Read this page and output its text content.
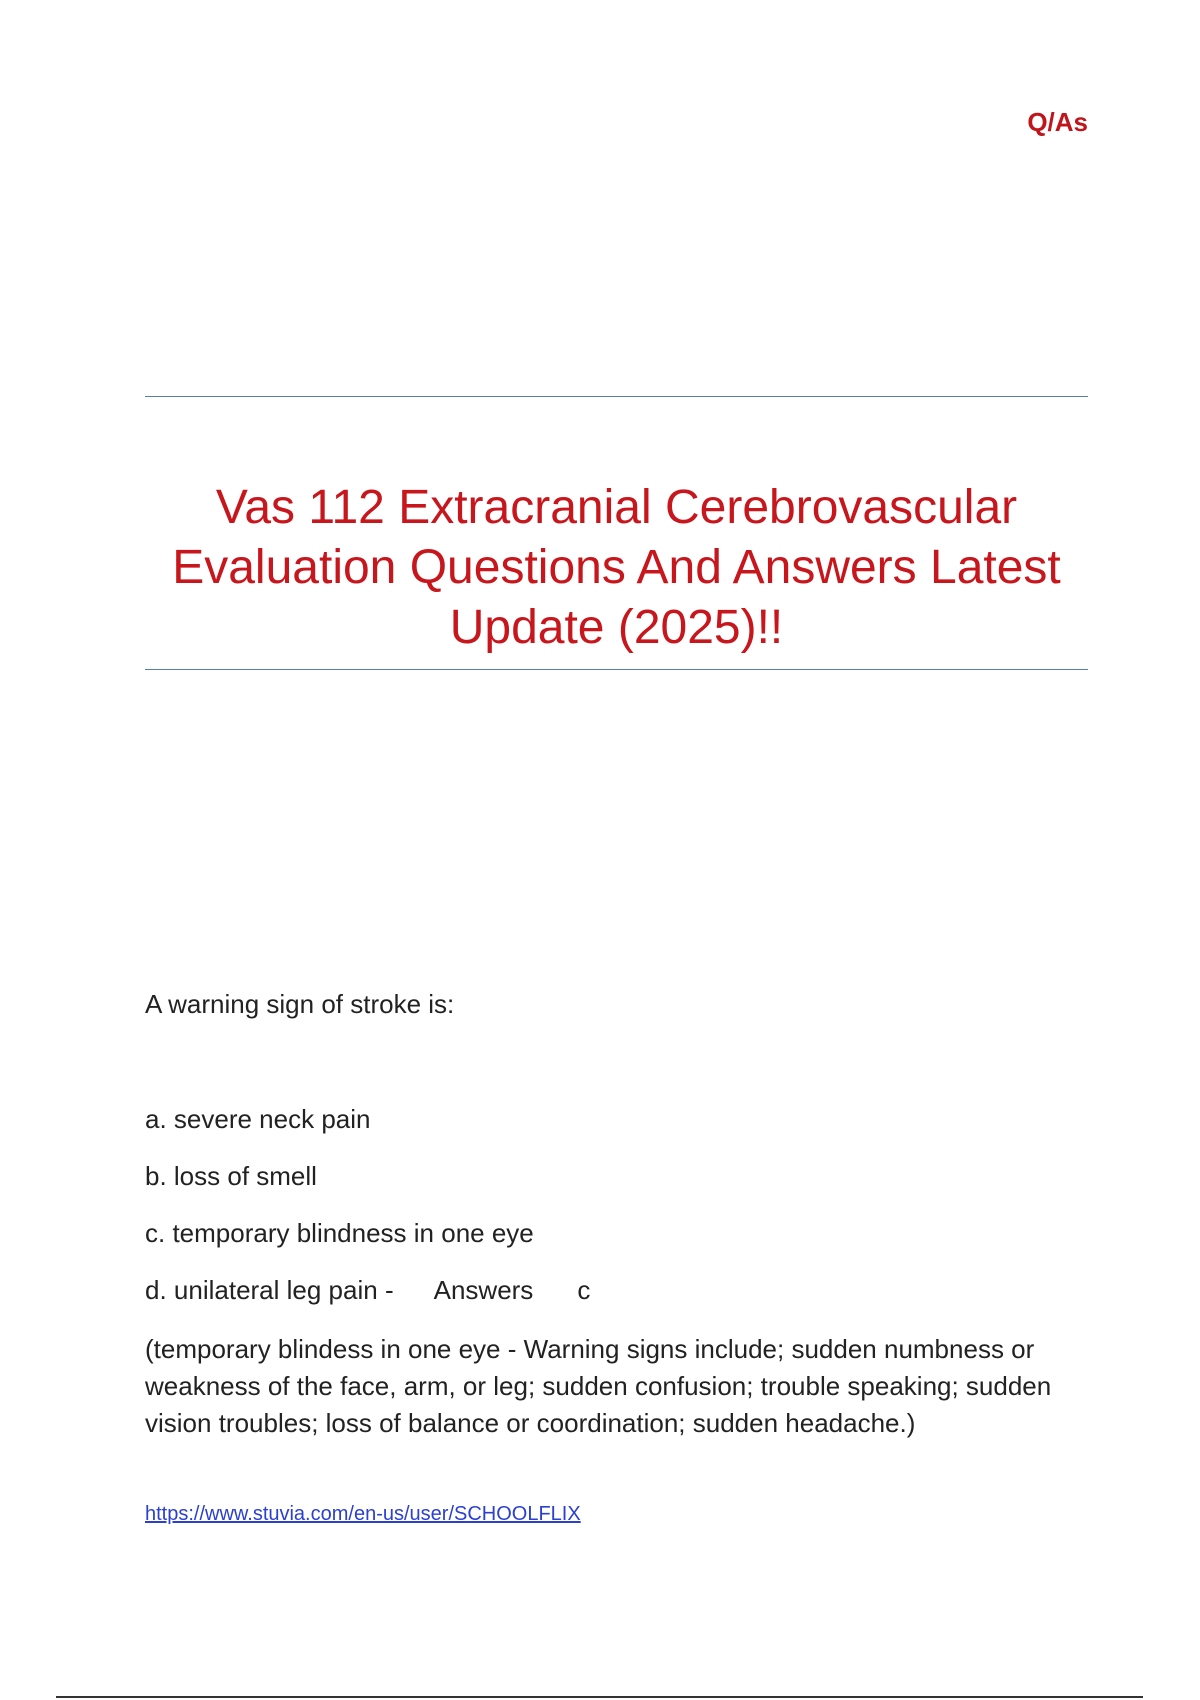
Q/As
Vas 112 Extracranial Cerebrovascular Evaluation Questions And Answers Latest Update (2025)!!
A warning sign of stroke is:
a. severe neck pain
b. loss of smell
c. temporary blindness in one eye
d. unilateral leg pain - Answers c
(temporary blindess in one eye - Warning signs include; sudden numbness or weakness of the face, arm, or leg; sudden confusion; trouble speaking; sudden vision troubles; loss of balance or coordination; sudden headache.)
https://www.stuvia.com/en-us/user/SCHOOLFLIX
